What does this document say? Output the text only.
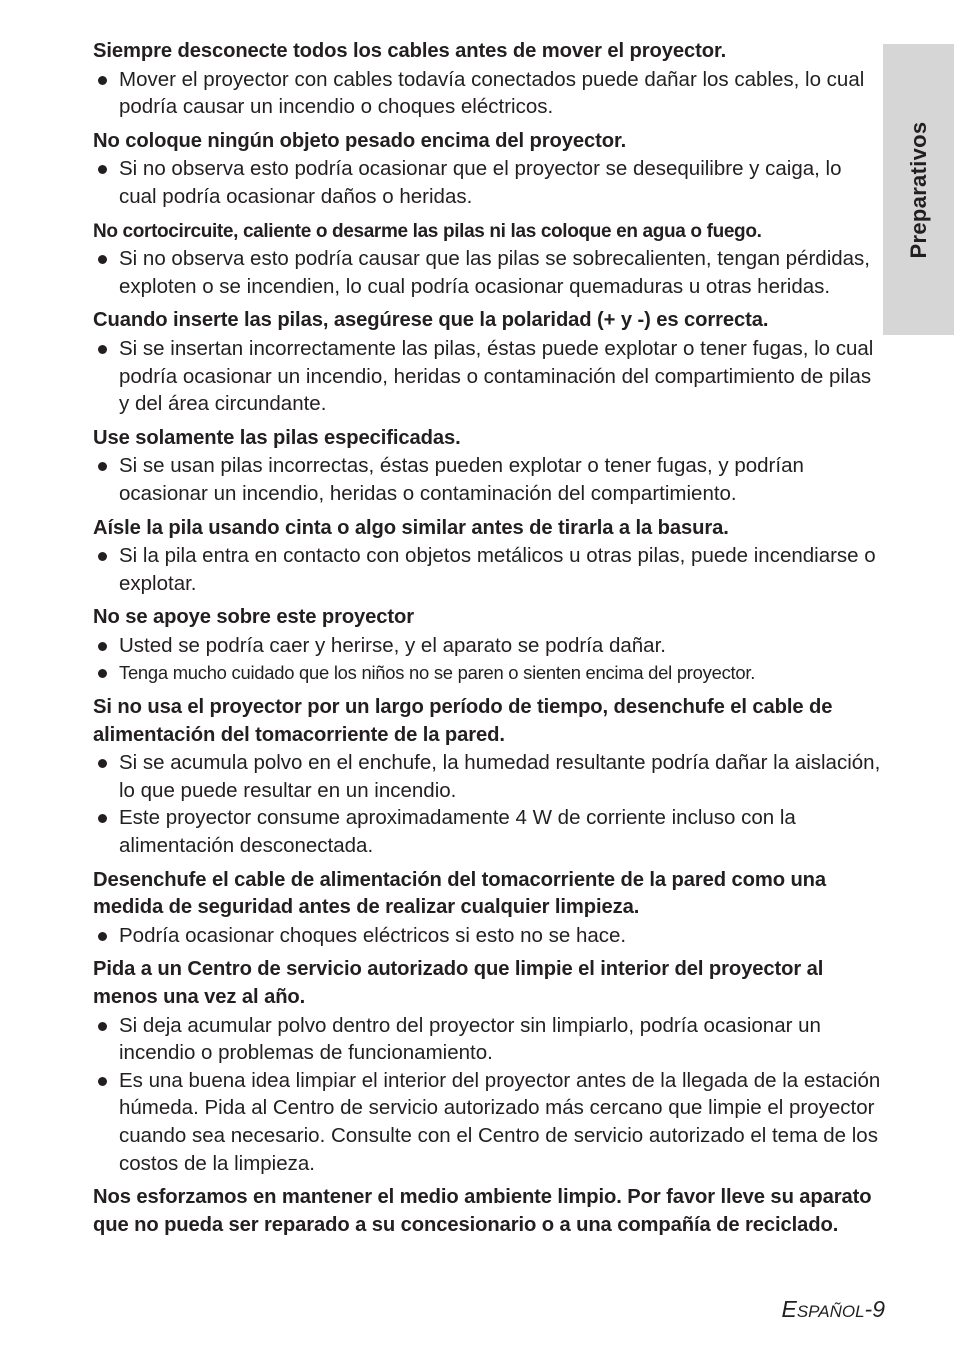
Preparativos
Siempre desconecte todos los cables antes de mover el proyector.
Mover el proyector con cables todavía conectados puede dañar los cables, lo cual podría causar un incendio o choques eléctricos.
No coloque ningún objeto pesado encima del proyector.
Si no observa esto podría ocasionar que el proyector se desequilibre y caiga, lo cual podría ocasionar daños o heridas.
No cortocircuite, caliente o desarme las pilas ni las coloque en agua o fuego.
Si no observa esto podría causar que las pilas se sobrecalienten, tengan pérdidas, exploten o se incendien, lo cual podría ocasionar quemaduras u otras heridas.
Cuando inserte las pilas, asegúrese que la polaridad (+ y -) es correcta.
Si se insertan incorrectamente las pilas, éstas puede explotar o tener fugas, lo cual podría ocasionar un incendio, heridas o contaminación del compartimiento de pilas y del área circundante.
Use solamente las pilas especificadas.
Si se usan pilas incorrectas, éstas pueden explotar o tener fugas, y podrían ocasionar un incendio, heridas o contaminación del compartimiento.
Aísle la pila usando cinta o algo similar antes de tirarla a la basura.
Si la pila entra en contacto con objetos metálicos u otras pilas, puede incendiarse o explotar.
No se apoye sobre este proyector
Usted se podría caer y herirse, y el aparato se podría dañar.
Tenga mucho cuidado que los niños no se paren o sienten encima del proyector.
Si no usa el proyector por un largo período de tiempo, desenchufe el cable de alimentación del tomacorriente de la pared.
Si se acumula polvo en el enchufe, la humedad resultante podría dañar la aislación, lo que puede resultar en un incendio.
Este proyector consume aproximadamente 4 W de corriente incluso con la alimentación desconectada.
Desenchufe el cable de alimentación del tomacorriente de la pared como una medida de seguridad antes de realizar cualquier limpieza.
Podría ocasionar choques eléctricos si esto no se hace.
Pida a un Centro de servicio autorizado que limpie el interior del proyector al menos una vez al año.
Si deja acumular polvo dentro del proyector sin limpiarlo, podría ocasionar un incendio o problemas de funcionamiento.
Es una buena idea limpiar el interior del proyector antes de la llegada de la estación húmeda. Pida al Centro de servicio autorizado más cercano que limpie el proyector cuando sea necesario. Consulte con el Centro de servicio autorizado el tema de los costos de la limpieza.
Nos esforzamos en mantener el medio ambiente limpio. Por favor lleve su aparato que no pueda ser reparado a su concesionario o a una compañía de reciclado.
ESPAÑOL-9
